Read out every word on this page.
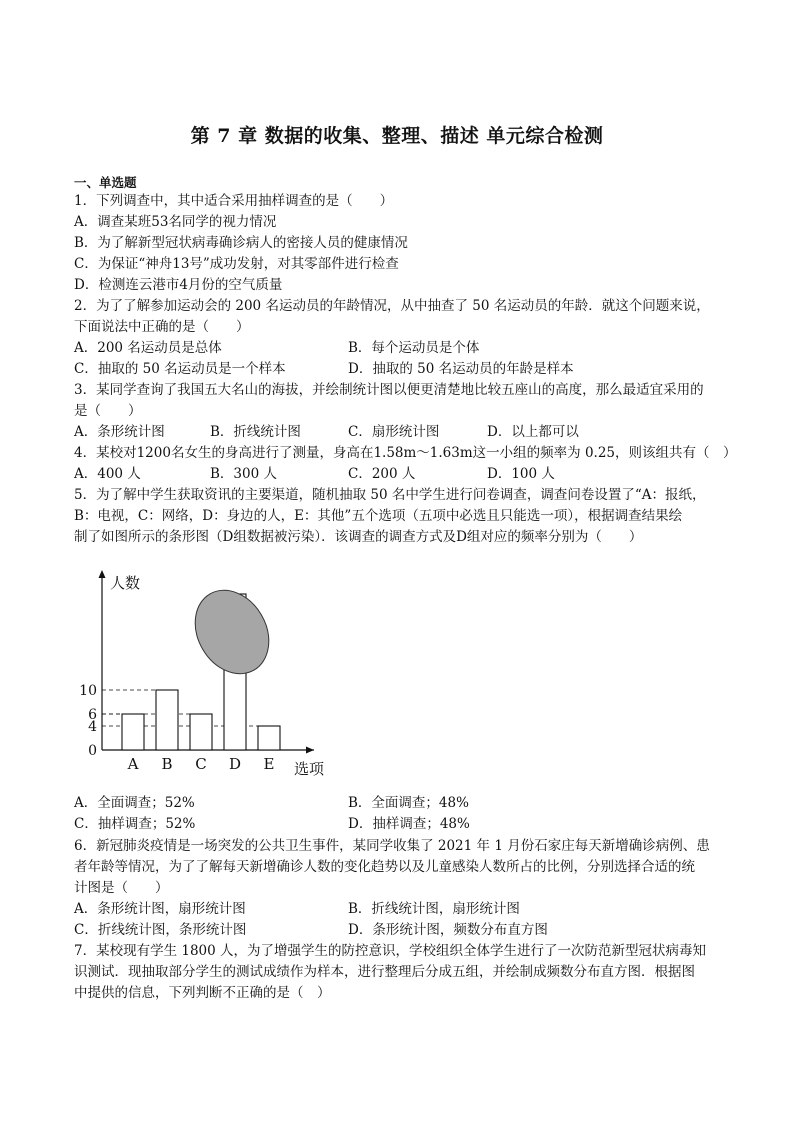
第 7 章 数据的收集、整理、描述 单元综合检测
一、单选题
1．下列调查中，其中适合采用抽样调查的是（　　）
A．调查某班53名同学的视力情况
B．为了解新型冠状病毒确诊病人的密接人员的健康情况
C．为保证“神舟13号”成功发射，对其零部件进行检查
D．检测连云港市4月份的空气质量
2．为了了解参加运动会的 200 名运动员的年龄情况，从中抽查了 50 名运动员的年龄．就这个问题来说，
下面说法中正确的是（　　）
A．200 名运动员是总体	B．每个运动员是个体
C．抽取的 50 名运动员是一个样本	D．抽取的 50 名运动员的年龄是样本
3．某同学查询了我国五大名山的海拔，并绘制统计图以便更清楚地比较五座山的高度，那么最适宜采用的
是（　　）
A．条形统计图	B．折线统计图	C．扇形统计图	D．以上都可以
4．某校对1200名女生的身高进行了测量，身高在1.58m～1.63m这一小组的频率为 0.25，则该组共有（　）
A．400 人	B．300 人	C．200 人	D．100 人
5．为了解中学生获取资讯的主要渠道，随机抽取 50 名中学生进行问卷调查，调查问卷设置了“A：报纸，
B：电视，C：网络，D：身边的人，E：其他”五个选项（五项中必选且只能选一项），根据调查结果绘
制了如图所示的条形图（D组数据被污染）．该调查的调查方式及D组对应的频率分别为（　　）
人数
选项
0
4
6
10
A B C D E
A．全面调查；52%	B．全面调查；48%
C．抽样调查；52%	D．抽样调查；48%
6．新冠肺炎疫情是一场突发的公共卫生事件，某同学收集了 2021 年 1 月份石家庄每天新增确诊病例、患
者年龄等情况，为了了解每天新增确诊人数的变化趋势以及儿童感染人数所占的比例，分别选择合适的统
计图是（　　）
A．条形统计图，扇形统计图	B．折线统计图，扇形统计图
C．折线统计图，条形统计图	D．条形统计图，频数分布直方图
7．某校现有学生 1800 人，为了增强学生的防控意识，学校组织全体学生进行了一次防范新型冠状病毒知
识测试．现抽取部分学生的测试成绩作为样本，进行整理后分成五组，并绘制成频数分布直方图．根据图
中提供的信息，下列判断不正确的是（　）
